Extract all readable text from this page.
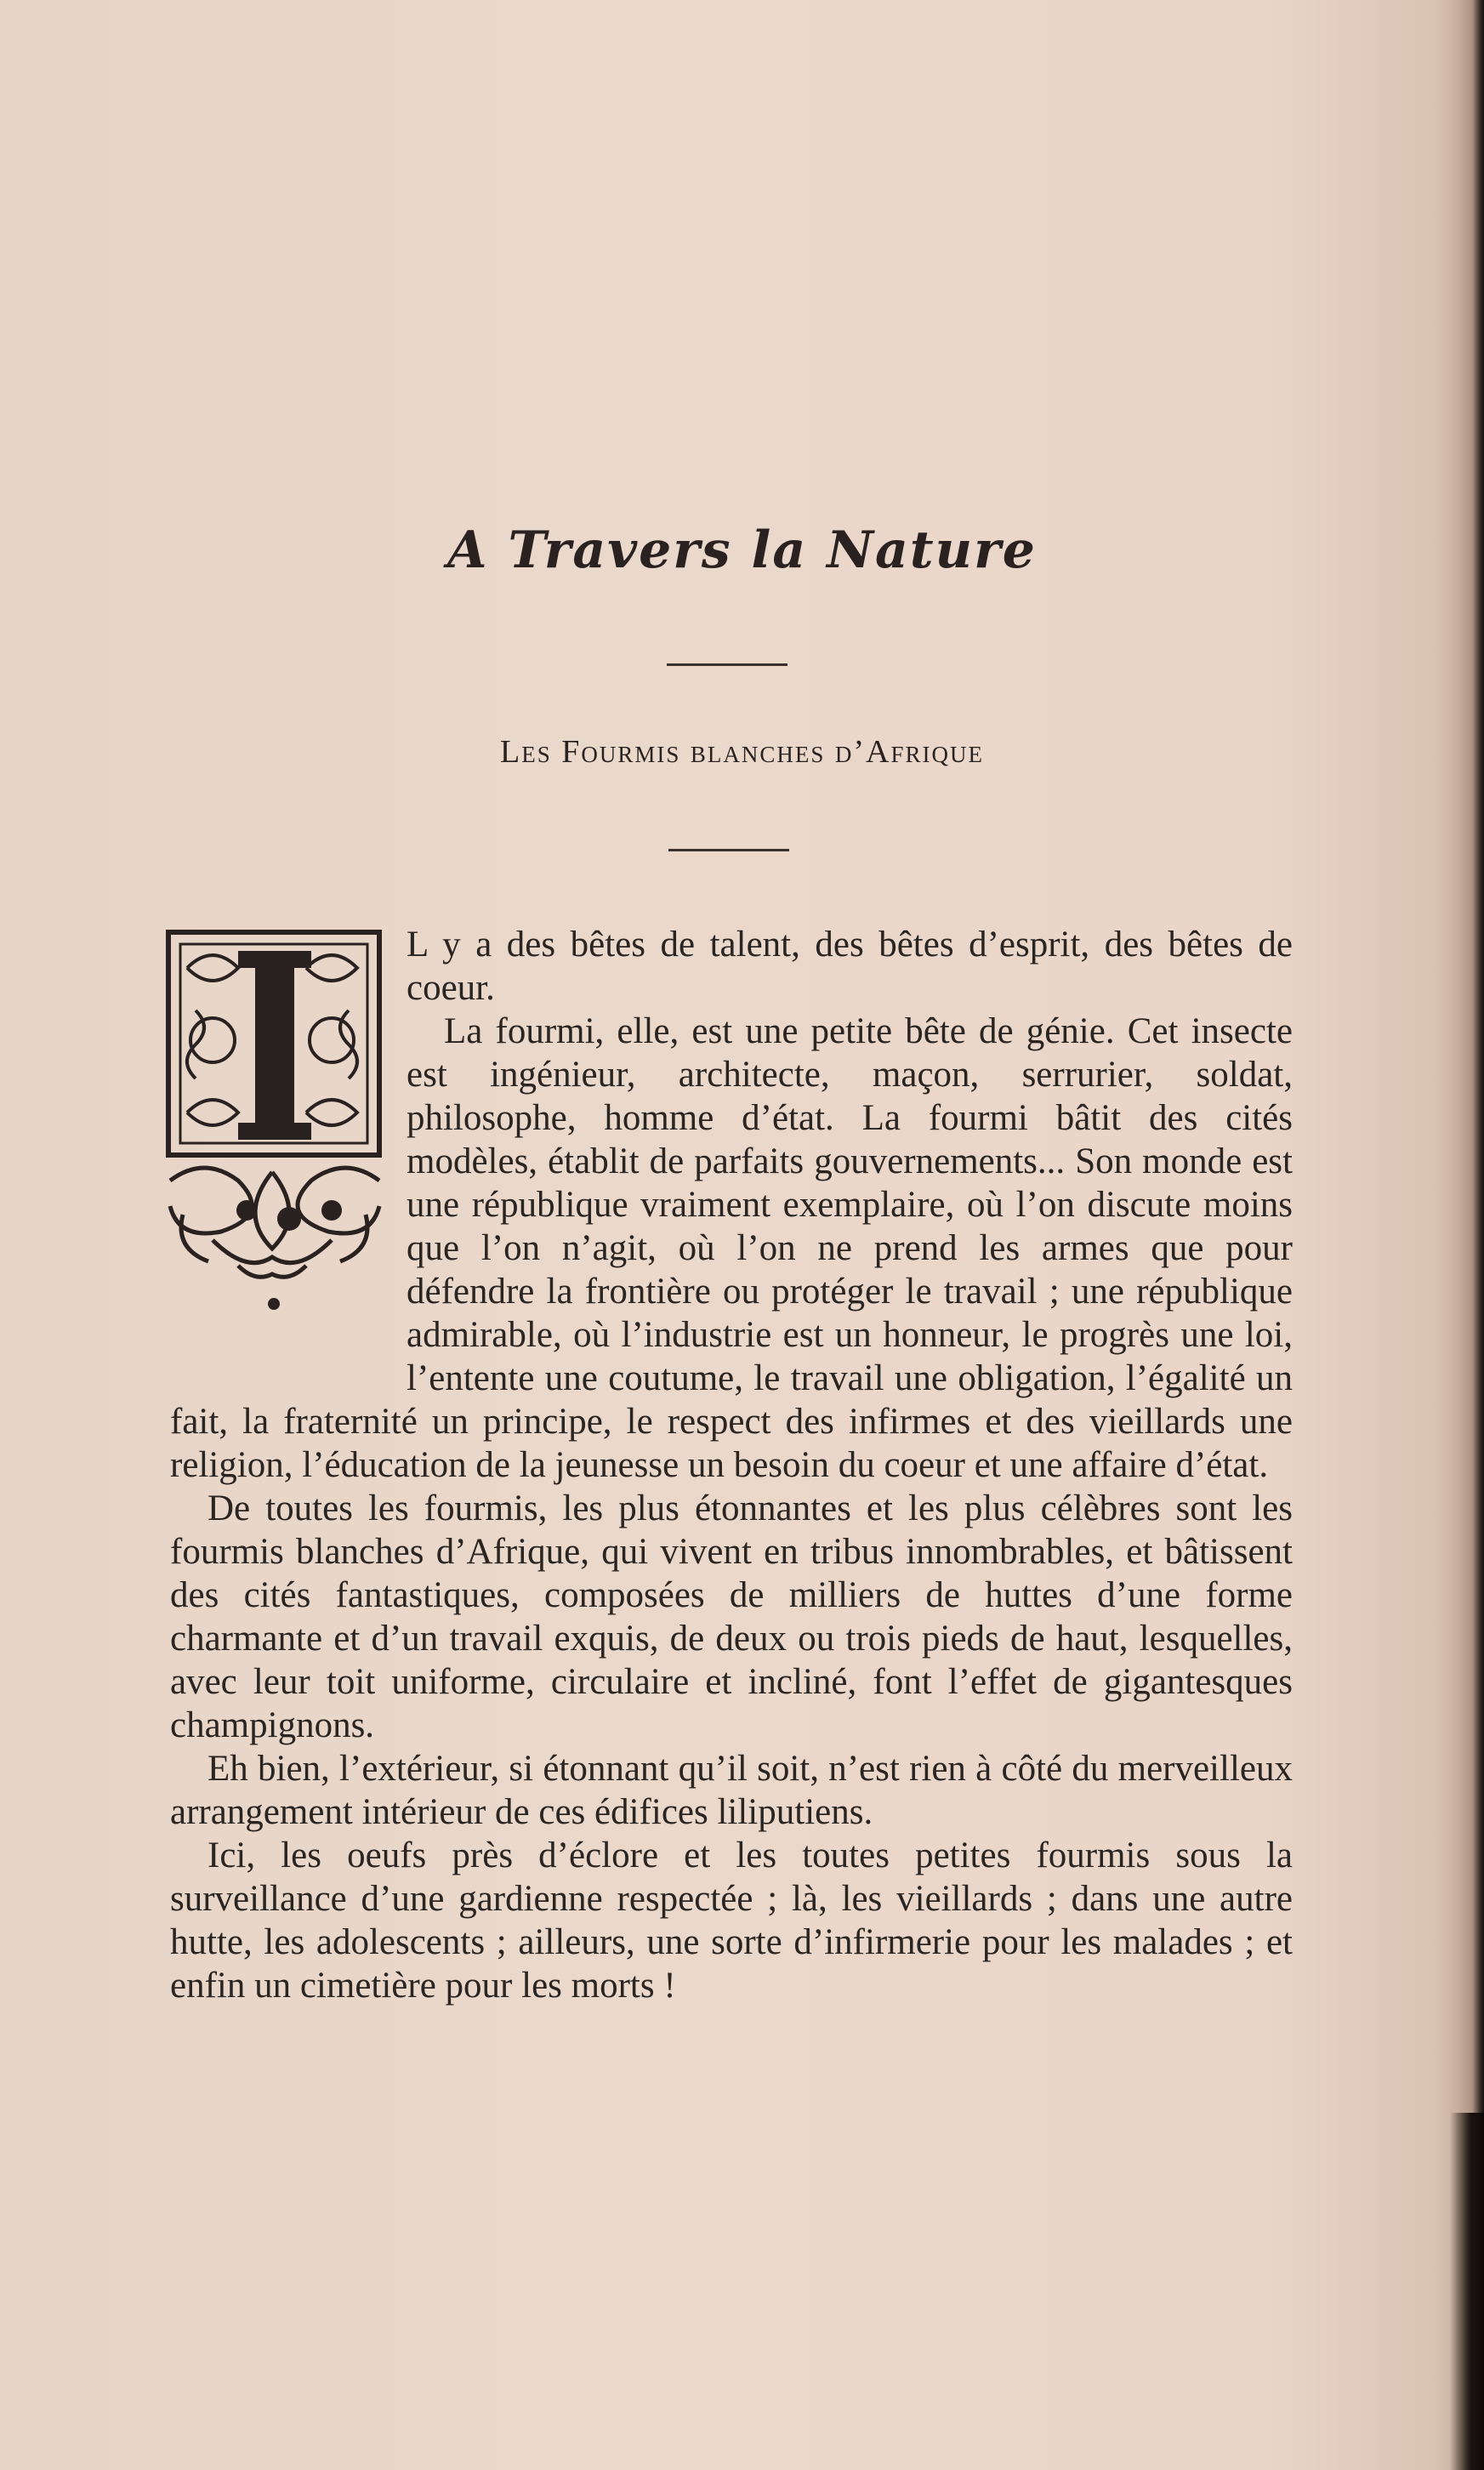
A Travers la Nature
Les Fourmis blanches d’Afrique

L y a des bêtes de talent, des bêtes d’esprit, des bêtes de coeur.

La fourmi, elle, est une petite bête de génie. Cet insecte est ingénieur, architecte, maçon, serrurier, soldat, philosophe, homme d’état. La fourmi bâtit des cités modèles, établit de parfaits gouvernements... Son monde est une république vraiment exemplaire, où l’on discute moins que l’on n’agit, où l’on ne prend les armes que pour défendre la frontière ou protéger le travail ; une république admirable, où l’industrie est un honneur, le progrès une loi, l’entente une coutume, le travail une obligation, l’égalité un fait, la fraternité un principe, le respect des infirmes et des vieillards une religion, l’éducation de la jeunesse un besoin du coeur et une affaire d’état.

De toutes les fourmis, les plus étonnantes et les plus célèbres sont les fourmis blanches d’Afrique, qui vivent en tribus innombrables, et bâtissent des cités fantastiques, composées de milliers de huttes d’une forme charmante et d’un travail exquis, de deux ou trois pieds de haut, lesquelles, avec leur toit uniforme, circulaire et incliné, font l’effet de gigantesques champignons.

Eh bien, l’extérieur, si étonnant qu’il soit, n’est rien à côté du merveilleux arrangement intérieur de ces édifices liliputiens.

Ici, les oeufs près d’éclore et les toutes petites fourmis sous la surveillance d’une gardienne respectée ; là, les vieillards ; dans une autre hutte, les adolescents ; ailleurs, une sorte d’infirmerie pour les malades ; et enfin un cimetière pour les morts !
